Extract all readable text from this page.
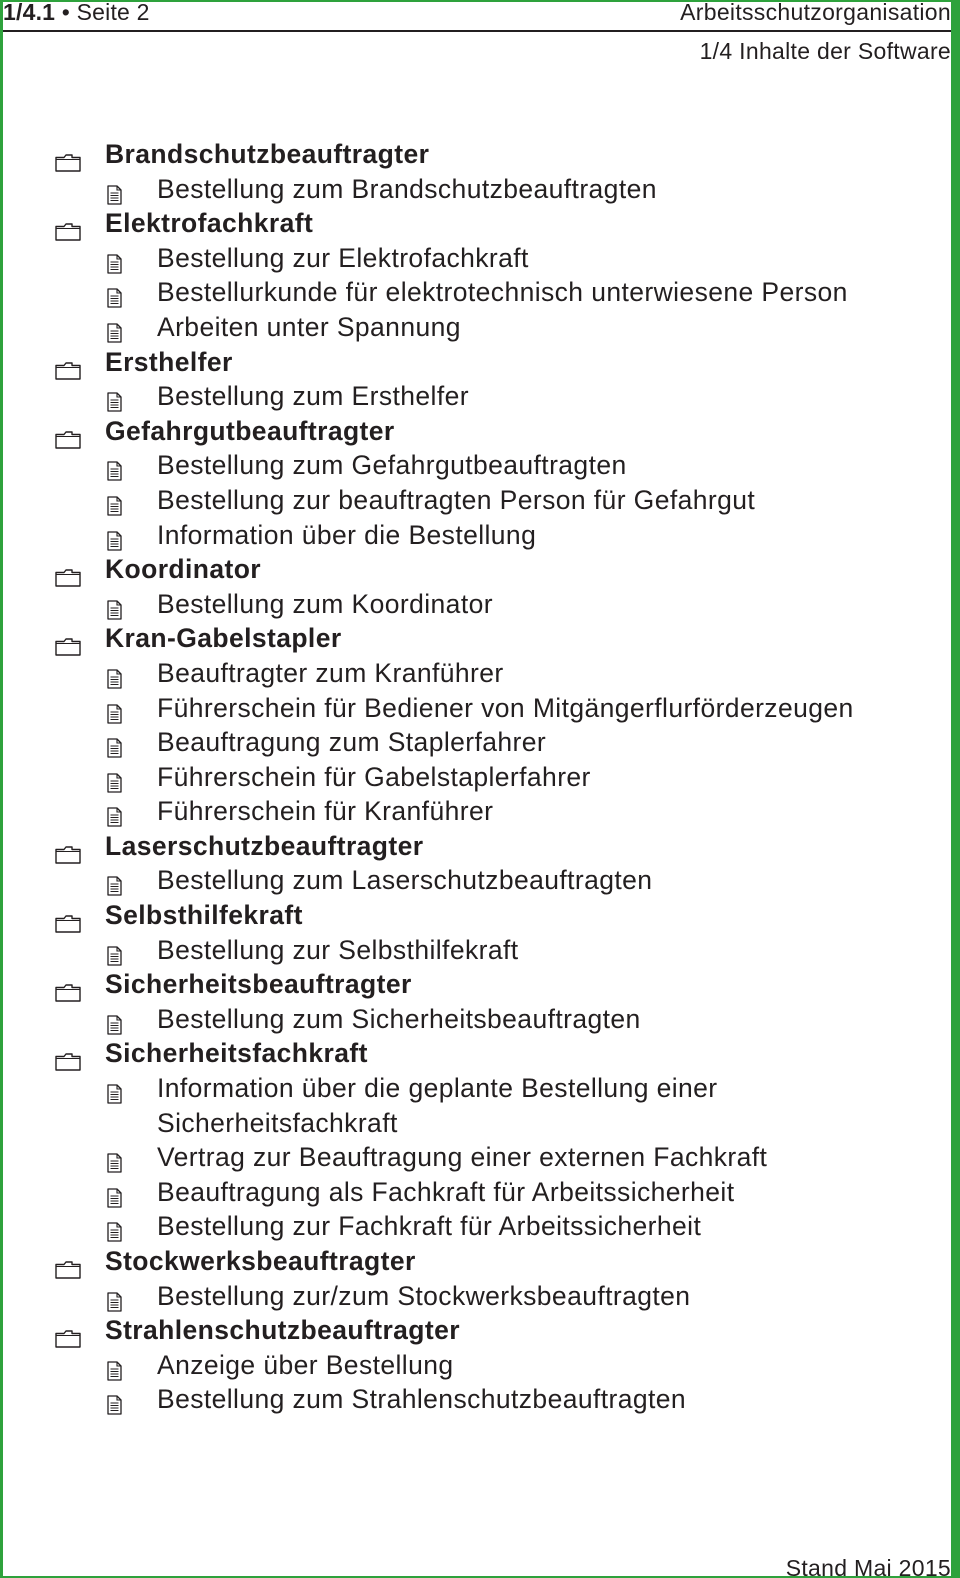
1/4.1 • Seite 2	Arbeitsschutzorganisation
1/4 Inhalte der Software
Brandschutzbeauftragter
Bestellung zum Brandschutzbeauftragten
Elektrofachkraft
Bestellung zur Elektrofachkraft
Bestellurkunde für elektrotechnisch unterwiesene Person
Arbeiten unter Spannung
Ersthelfer
Bestellung zum Ersthelfer
Gefahrgutbeauftragter
Bestellung zum Gefahrgutbeauftragten
Bestellung zur beauftragten Person für Gefahrgut
Information über die Bestellung
Koordinator
Bestellung zum Koordinator
Kran-Gabelstapler
Beauftragter zum Kranführer
Führerschein für Bediener von Mitgängerflurförderzeugen
Beauftragung zum Staplerfahrer
Führerschein für Gabelstaplerfahrer
Führerschein für Kranführer
Laserschutzbeauftragter
Bestellung zum Laserschutzbeauftragten
Selbsthilfekraft
Bestellung zur Selbsthilfekraft
Sicherheitsbeauftragter
Bestellung zum Sicherheitsbeauftragten
Sicherheitsfachkraft
Information über die geplante Bestellung einer Sicherheitsfachkraft
Vertrag zur Beauftragung einer externen Fachkraft
Beauftragung als Fachkraft für Arbeitssicherheit
Bestellung zur Fachkraft für Arbeitssicherheit
Stockwerksbeauftragter
Bestellung zur/zum Stockwerksbeauftragten
Strahlenschutzbeauftragter
Anzeige über Bestellung
Bestellung zum Strahlenschutzbeauftragten
Stand Mai 2015
